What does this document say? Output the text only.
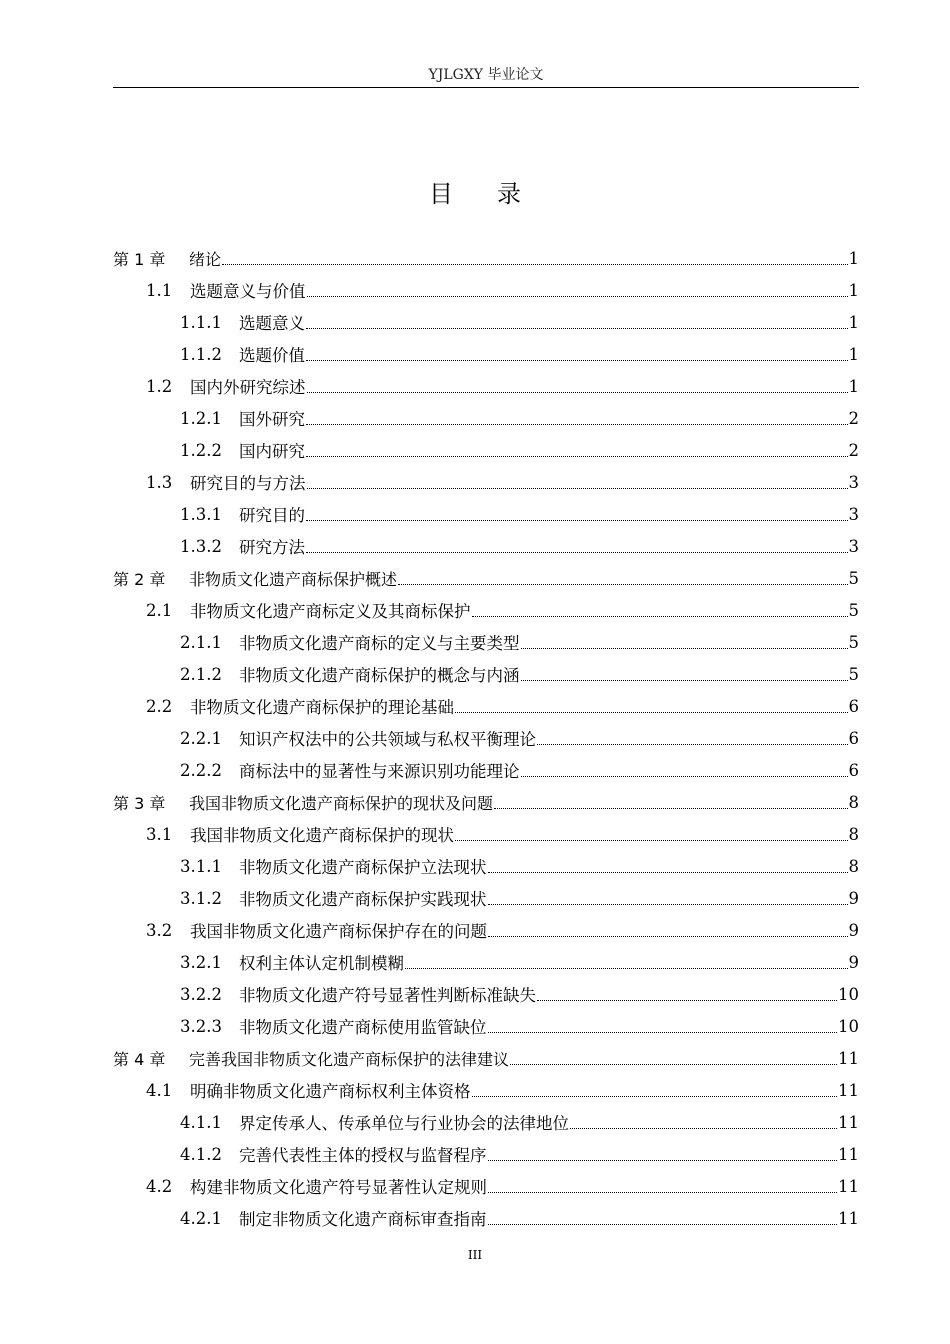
YJLGXY 毕业论文
目录
第 1 章	绪论	1
1.1	选题意义与价值	1
1.1.1	选题意义	1
1.1.2	选题价值	1
1.2	国内外研究综述	1
1.2.1	国外研究	2
1.2.2	国内研究	2
1.3	研究目的与方法	3
1.3.1	研究目的	3
1.3.2	研究方法	3
第 2 章	非物质文化遗产商标保护概述	5
2.1	非物质文化遗产商标定义及其商标保护	5
2.1.1	非物质文化遗产商标的定义与主要类型	5
2.1.2	非物质文化遗产商标保护的概念与内涵	5
2.2	非物质文化遗产商标保护的理论基础	6
2.2.1	知识产权法中的公共领域与私权平衡理论	6
2.2.2	商标法中的显著性与来源识别功能理论	6
第 3 章	我国非物质文化遗产商标保护的现状及问题	8
3.1	我国非物质文化遗产商标保护的现状	8
3.1.1	非物质文化遗产商标保护立法现状	8
3.1.2	非物质文化遗产商标保护实践现状	9
3.2	我国非物质文化遗产商标保护存在的问题	9
3.2.1	权利主体认定机制模糊	9
3.2.2	非物质文化遗产符号显著性判断标准缺失	10
3.2.3	非物质文化遗产商标使用监管缺位	10
第 4 章	完善我国非物质文化遗产商标保护的法律建议	11
4.1	明确非物质文化遗产商标权利主体资格	11
4.1.1	界定传承人、传承单位与行业协会的法律地位	11
4.1.2	完善代表性主体的授权与监督程序	11
4.2	构建非物质文化遗产符号显著性认定规则	11
4.2.1	制定非物质文化遗产商标审查指南	11
III
